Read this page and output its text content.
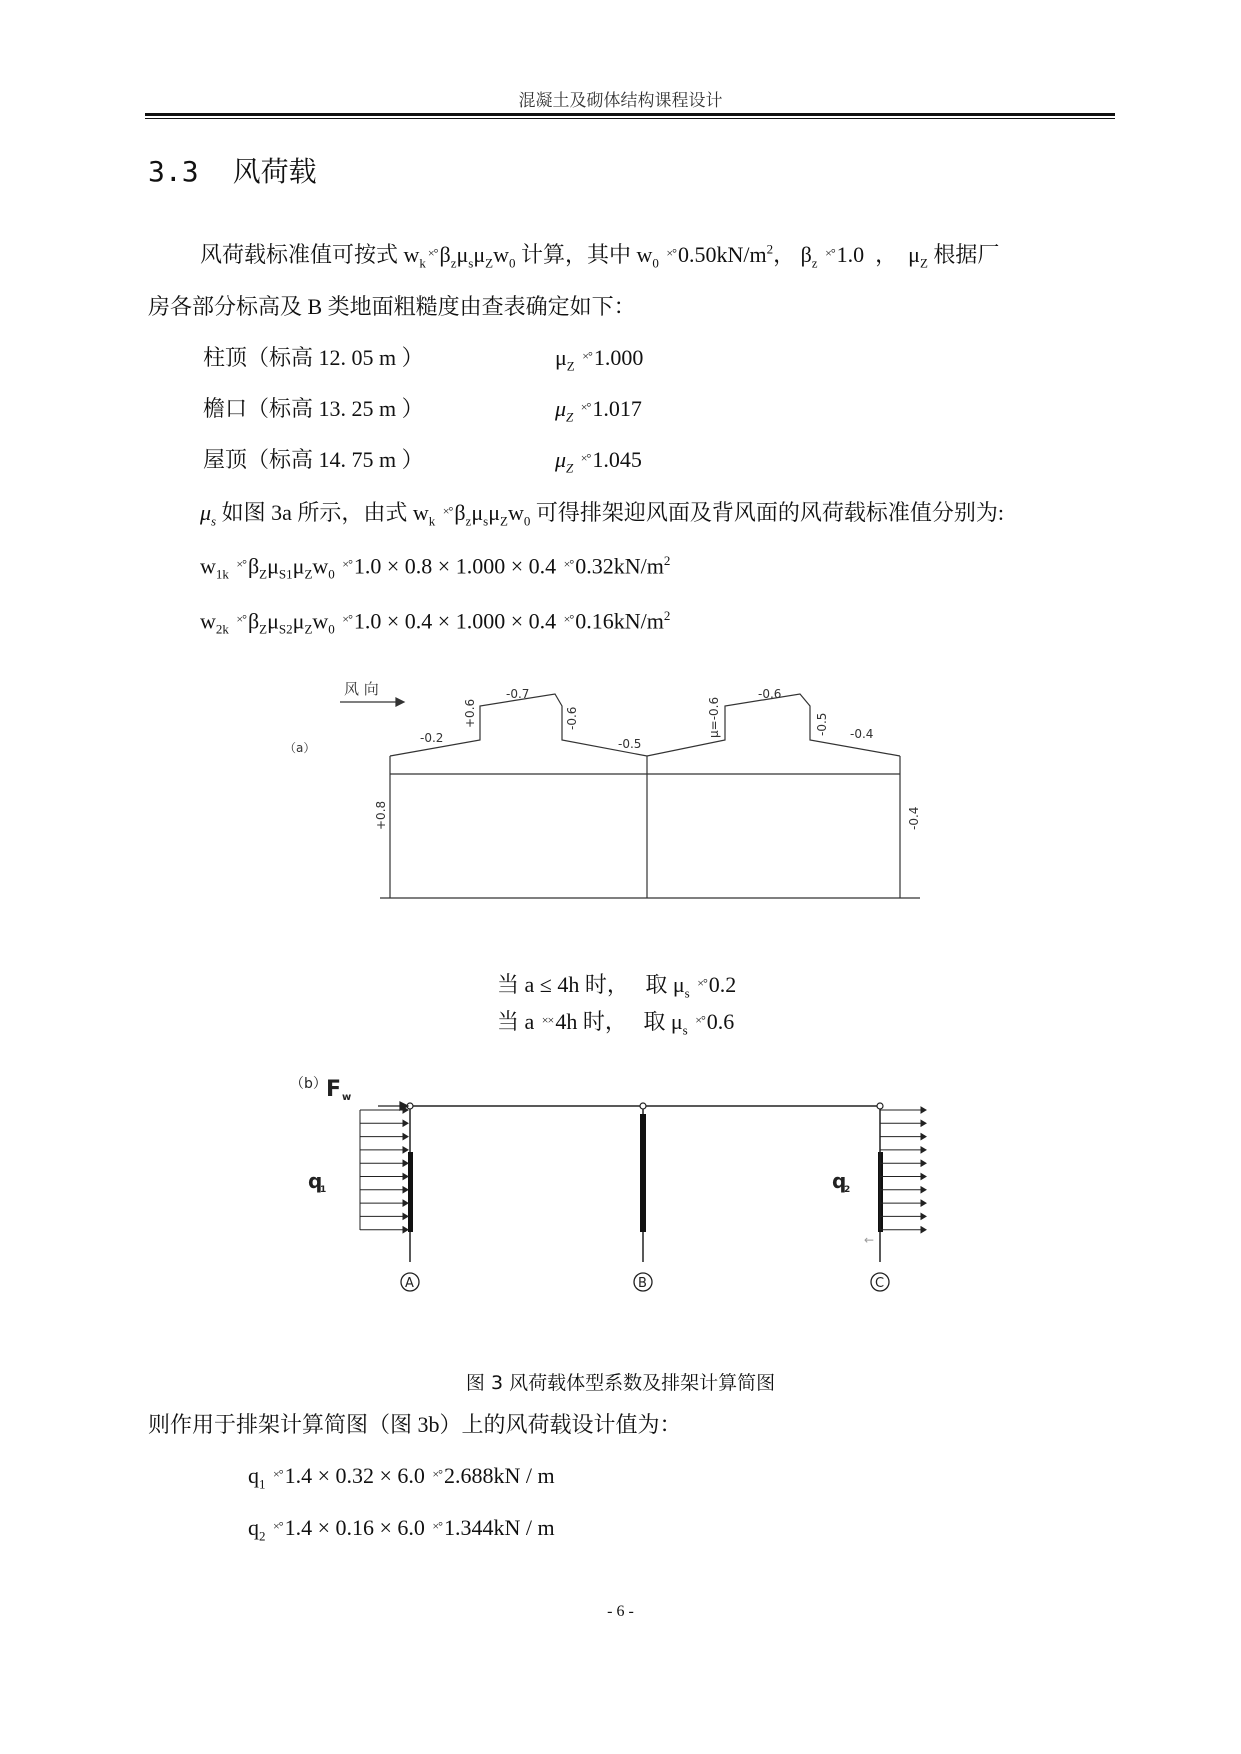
混凝土及砌体结构课程设计
3.3 风荷载
风荷载标准值可按式 $w_k^{\times^\circ}\beta_z\mu_s\mu_Zw_0$ 计算，其中 $w_0$ $^{\times^\circ}0.50kN/m^2$， $\beta_z$ ×°1.0  ，  $\mu_Z$ 根据厂
房各部分标高及 B 类地面粗糙度由查表确定如下：
柱顶（标高 12. 05 m ）	$\mu_Z$ ×°1.000
檐口（标高 13. 25 m ）	$\mu_Z$ ×°1.017
屋顶（标高 14. 75 m ）	$\mu_Z$ ×°1.045
$\mu_s$ 如图 3a 所示，由式 $w_k$ $^{\times^\circ}\beta_z\mu_s\mu_Zw_0$ 可得排架迎风面及背风面的风荷载标准值分别为:
$w_{1k}$ $^{\times^\circ}\beta_Z\mu_{S1}\mu_Zw_0$ ×°1.0 × 0.8 × 1.000 × 0.4 $^{\times^\circ}0.32kN/m^2$
$w_{2k}$ $^{\times^\circ}\beta_Z\mu_{S2}\mu_Zw_0$ ×°1.0 × 0.4 × 1.000 × 0.4 $^{\times^\circ}0.16kN/m^2$
风 向
（a）
-0.2
+0.6
-0.7
-0.6
-0.5
μ=-0.6
-0.6
-0.5 -0.4
+0.8	-0.4
当 a ≤ 4h 时， 取 $\mu_s$ ×°0.2
当 a ××4h 时， 取 $\mu_s$ ×°0.6
A	B	C
（b） F w
q
1	q
2
←
图 3 风荷载体型系数及排架计算简图
则作用于排架计算简图（图 3b）上的风荷载设计值为：
$q_1$ ×°1.4 × 0.32 × 6.0 ×°2.688kN / m
$q_2$ ×°1.4 × 0.16 × 6.0 ×°1.344kN / m
- 6 -
